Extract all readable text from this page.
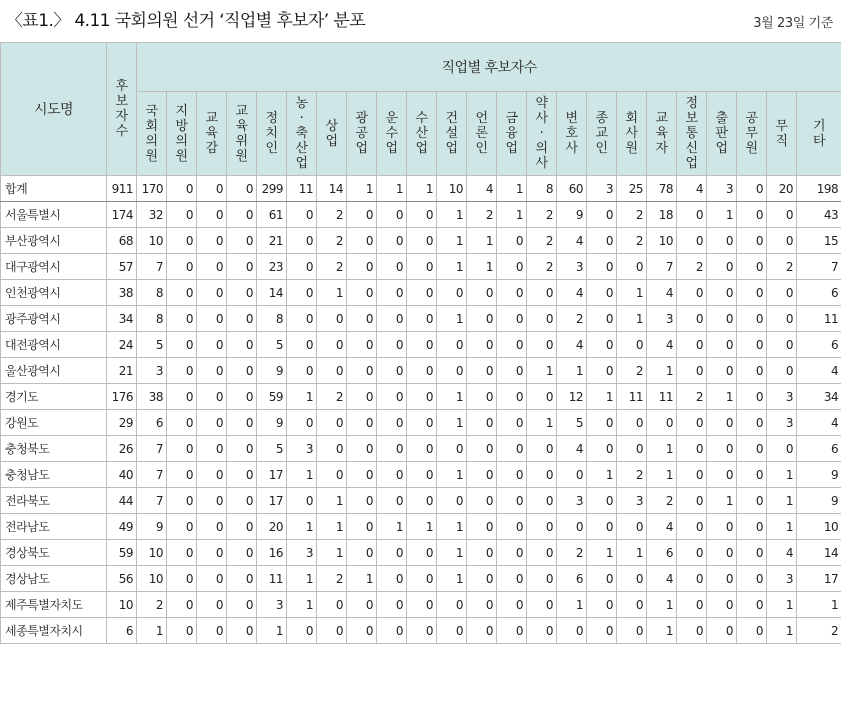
〈표1.〉 4.11 국회의원 선거 ‘직업별 후보자’ 분포	3월 23일 기준
시도명	후보자수	직업별 후보자수																						
		국회의원	지방의원	교육감	교육위원	정치인	농·축산업	상업	광공업	운수업	수산업	건설업	언론인	금융업	약사·의사	변호사	종교인	회사원	교육자	정보통신업	출판업	공무원	무직	기타
합계	911	170	0	0	0	299	11	14	1	1	1	10	4	1	8	60	3	25	78	4	3	0	20	198
서울특별시	174	32	0	0	0	61	0	2	0	0	0	1	2	1	2	9	0	2	18	0	1	0	0	43
부산광역시	68	10	0	0	0	21	0	2	0	0	0	1	1	0	2	4	0	2	10	0	0	0	0	15
대구광역시	57	7	0	0	0	23	0	2	0	0	0	1	1	0	2	3	0	0	7	2	0	0	2	7
인천광역시	38	8	0	0	0	14	0	1	0	0	0	0	0	0	0	4	0	1	4	0	0	0	0	6
광주광역시	34	8	0	0	0	8	0	0	0	0	0	1	0	0	0	2	0	1	3	0	0	0	0	11
대전광역시	24	5	0	0	0	5	0	0	0	0	0	0	0	0	0	4	0	0	4	0	0	0	0	6
울산광역시	21	3	0	0	0	9	0	0	0	0	0	0	0	0	1	1	0	2	1	0	0	0	0	4
경기도	176	38	0	0	0	59	1	2	0	0	0	1	0	0	0	12	1	11	11	2	1	0	3	34
강원도	29	6	0	0	0	9	0	0	0	0	0	1	0	0	1	5	0	0	0	0	0	0	3	4
충청북도	26	7	0	0	0	5	3	0	0	0	0	0	0	0	0	4	0	0	1	0	0	0	0	6
충청남도	40	7	0	0	0	17	1	0	0	0	0	1	0	0	0	0	1	2	1	0	0	0	1	9
전라북도	44	7	0	0	0	17	0	1	0	0	0	0	0	0	0	3	0	3	2	0	1	0	1	9
전라남도	49	9	0	0	0	20	1	1	0	1	1	1	0	0	0	0	0	0	4	0	0	0	1	10
경상북도	59	10	0	0	0	16	3	1	0	0	0	1	0	0	0	2	1	1	6	0	0	0	4	14
경상남도	56	10	0	0	0	11	1	2	1	0	0	1	0	0	0	6	0	0	4	0	0	0	3	17
제주특별자치도	10	2	0	0	0	3	1	0	0	0	0	0	0	0	0	1	0	0	1	0	0	0	1	1
세종특별자치시	6	1	0	0	0	1	0	0	0	0	0	0	0	0	0	0	0	0	1	0	0	0	1	2
